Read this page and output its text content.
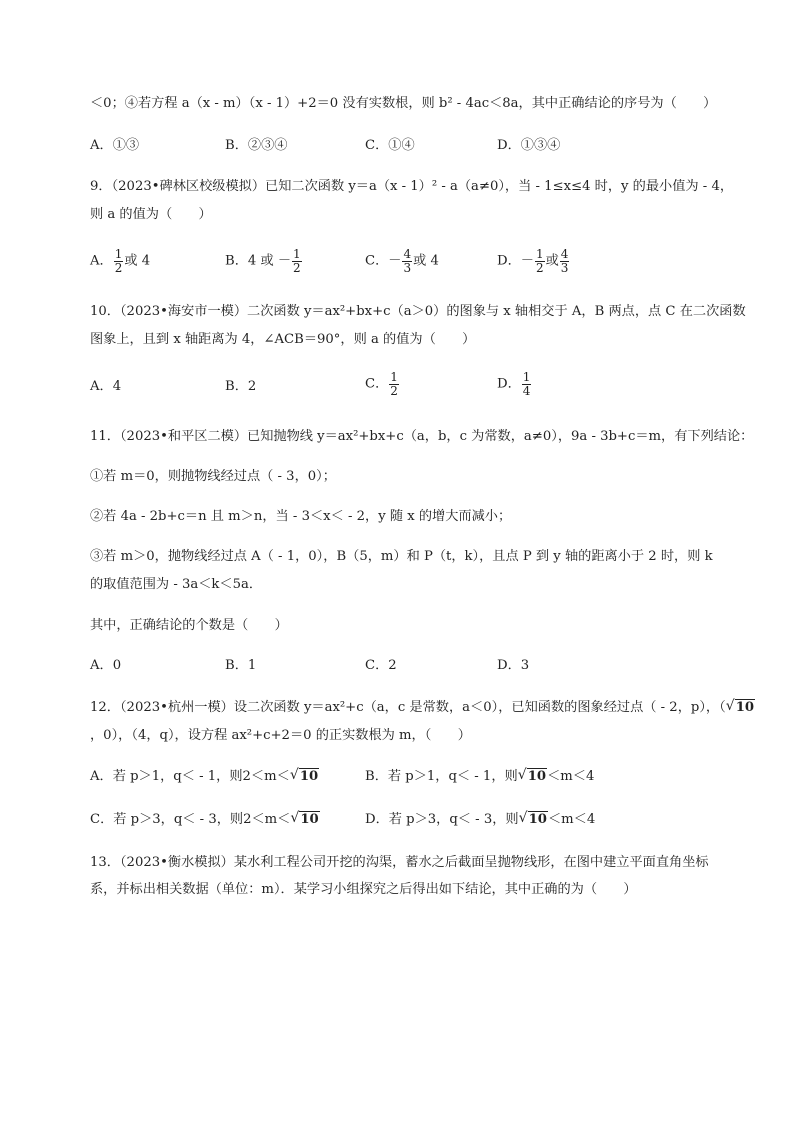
＜0；④若方程 a（x - m）（x - 1）+2＝0 没有实数根，则 b² - 4ac＜8a，其中正确结论的序号为（　　）
A．①③	B．②③④	C．①④	D．①③④
9．（2023•碑林区校级模拟）已知二次函数 y＝a（x - 1）² - a（a≠0），当 - 1≤x≤4 时，y 的最小值为 - 4，
则 a 的值为（　　）
A． $\frac{1}{2}$ 或 4	B．4 或 － $\frac{1}{2}$	C．－ $\frac{4}{3}$ 或 4	D．－ $\frac{1}{2}$ 或 $\frac{4}{3}$
10．（2023•海安市一模）二次函数 y＝ax²+bx+c（a＞0）的图象与 x 轴相交于 A，B 两点，点 C 在二次函数
图象上，且到 x 轴距离为 4，∠ACB＝90°，则 a 的值为（　　）
A．4	B．2	C． $\frac{1}{2}$	D． $\frac{1}{4}$
11．（2023•和平区二模）已知抛物线 y＝ax²+bx+c（a，b，c 为常数，a≠0），9a - 3b+c＝m，有下列结论：
①若 m＝0，则抛物线经过点（ - 3，0）；
②若 4a - 2b+c＝n 且 m＞n，当 - 3＜x＜ - 2，y 随 x 的增大而减小；
③若 m＞0，抛物线经过点 A（ - 1，0），B（5，m）和 P（t，k），且点 P 到 y 轴的距离小于 2 时，则 k
的取值范围为 - 3a＜k＜5a．
其中，正确结论的个数是（　　）
A．0	B．1	C．2	D．3
12．（2023•杭州一模）设二次函数 y＝ax²+c（a，c 是常数，a＜0），已知函数的图象经过点（ - 2，p），（ √ 10
，0），（4，q），设方程 ax²+c+2＝0 的正实数根为 m，（　　）
A．若 p＞1，q＜ - 1，则2＜m＜ √ 10	B．若 p＞1，q＜ - 1，则 √ 10＜m＜4
C．若 p＞3，q＜ - 3，则2＜m＜ √ 10	D．若 p＞3，q＜ - 3，则 √ 10＜m＜4
13．（2023•衡水模拟）某水利工程公司开挖的沟渠，蓄水之后截面呈抛物线形，在图中建立平面直角坐标
系，并标出相关数据（单位：m）．某学习小组探究之后得出如下结论，其中正确的为（　　）
